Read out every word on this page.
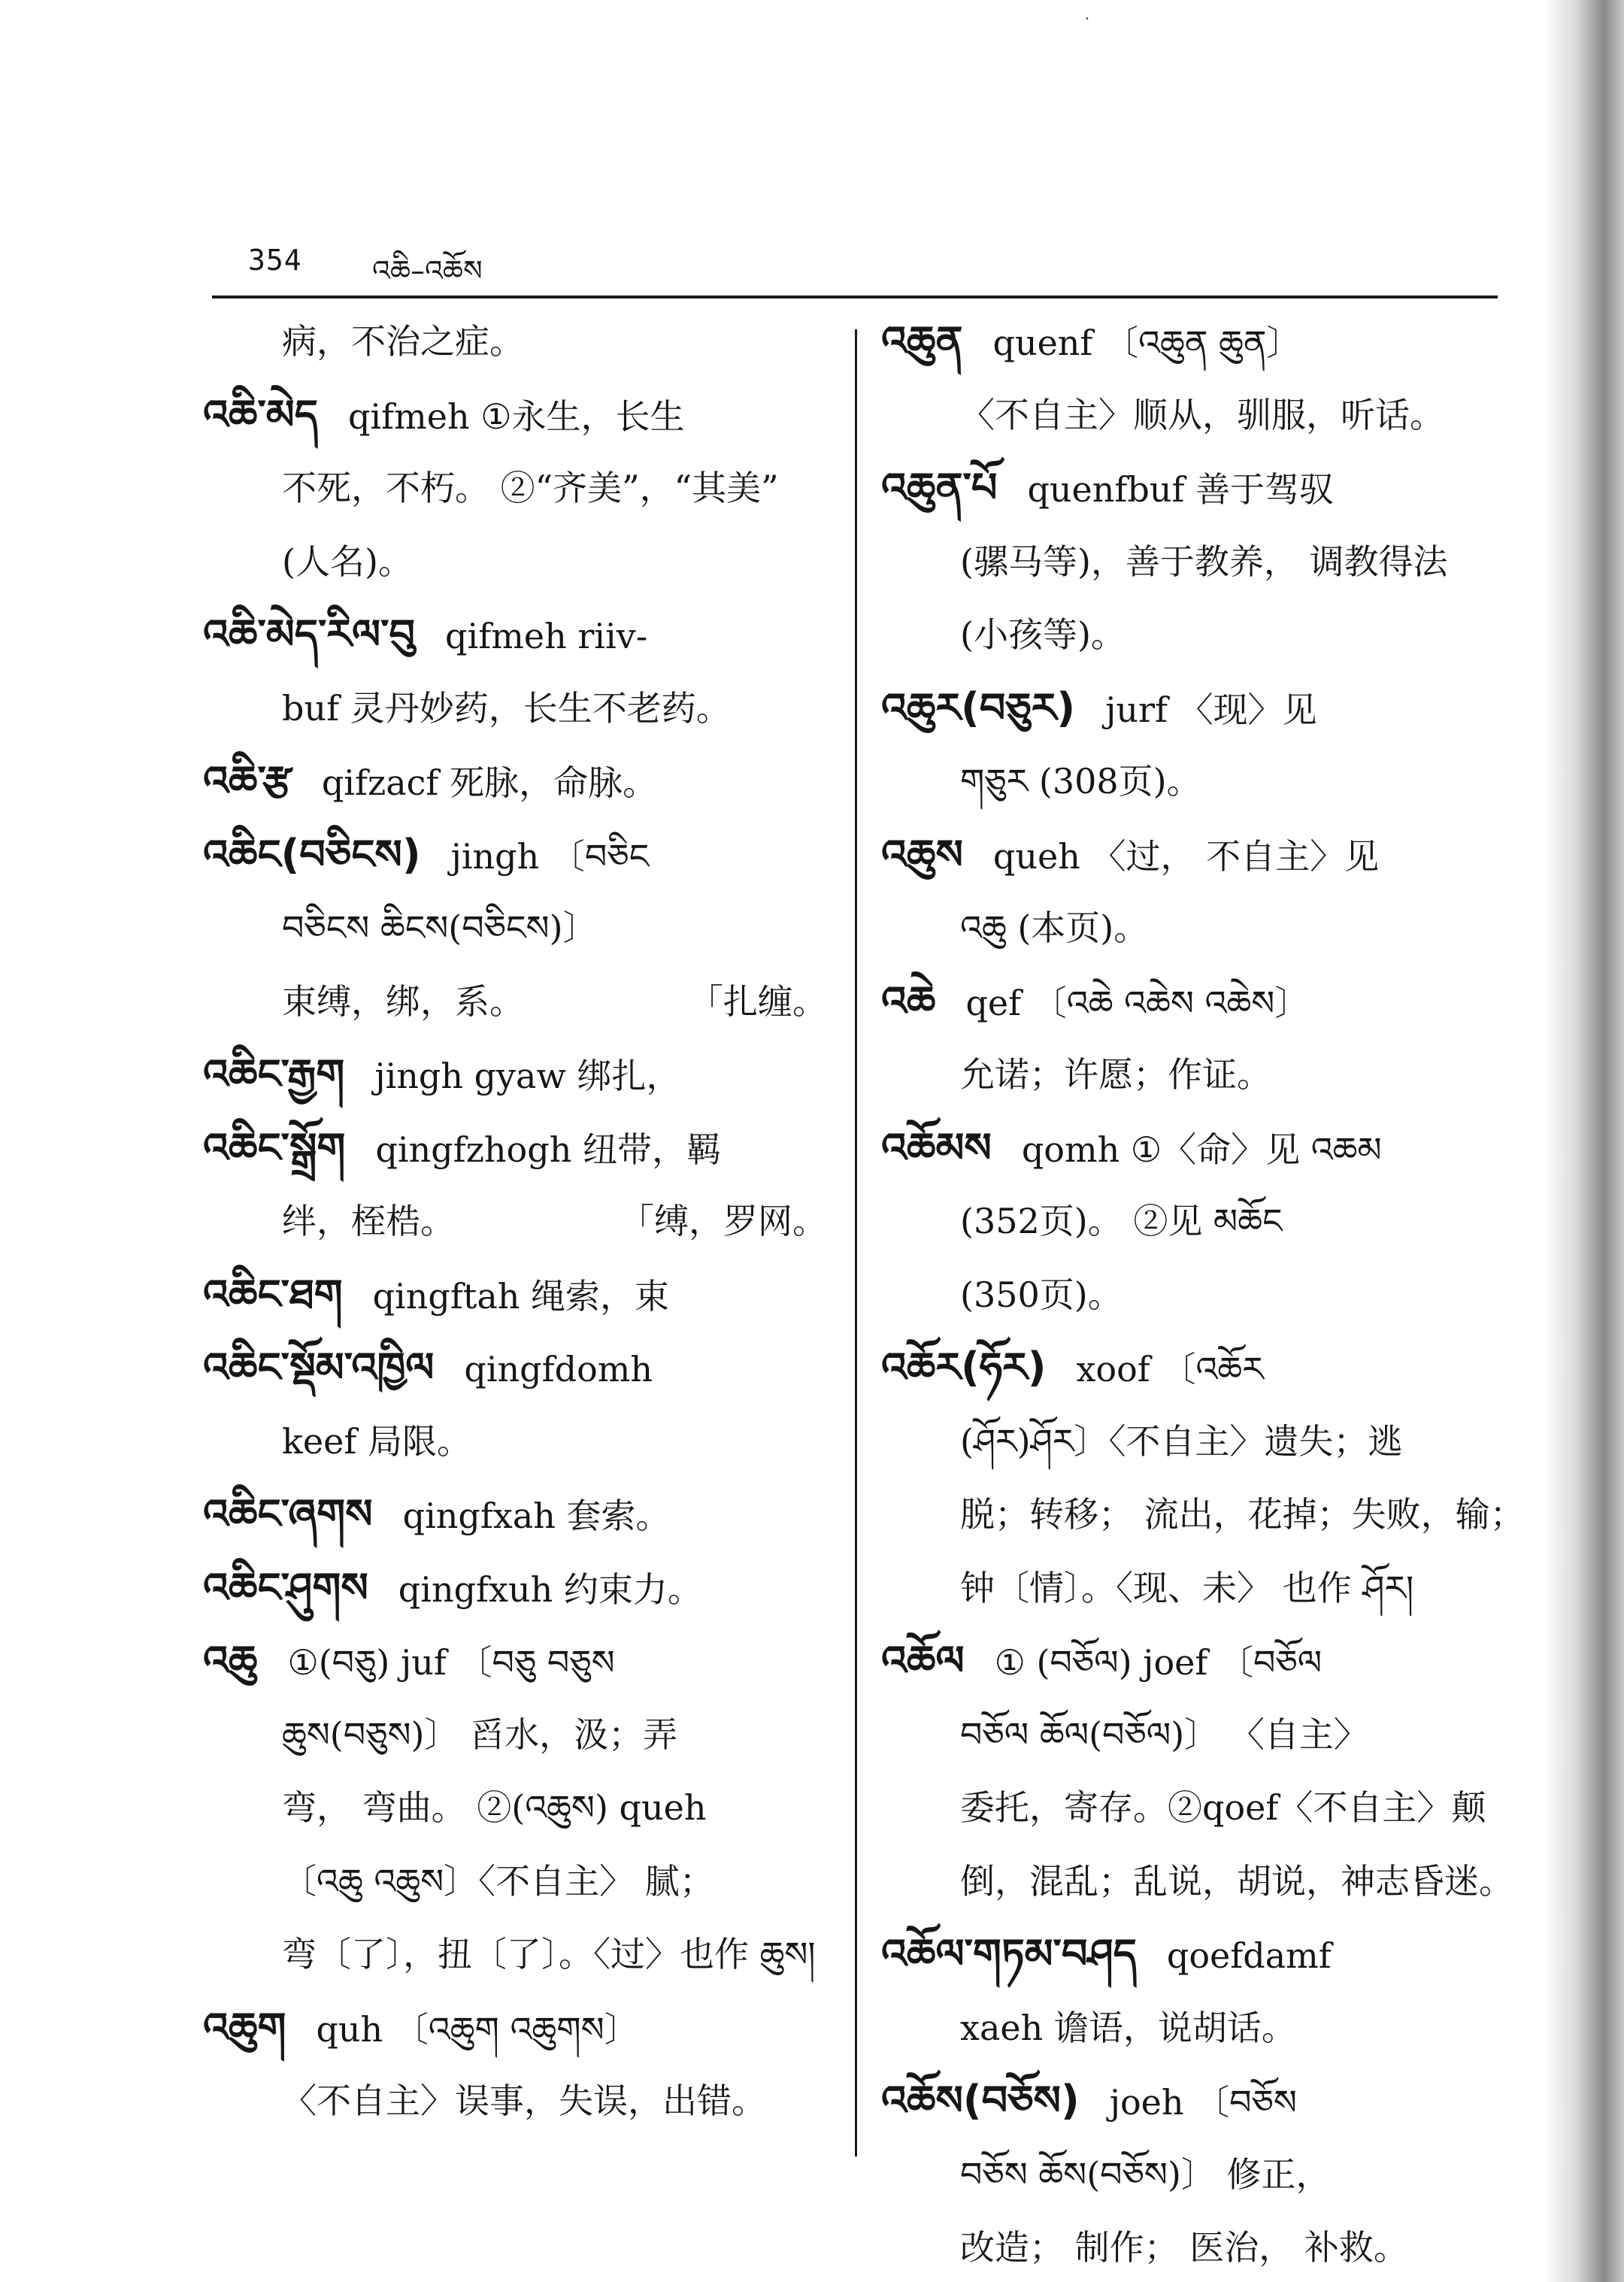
˙
354 འཆི–འཆོས
病，不治之症。
འཆི་མེད qifmeh ①永生，长生
不死，不朽。 ②“齐美”，“其美”
(人名)。
འཆི་མེད་རིལ་བུ qifmeh riiv-
buf 灵丹妙药，长生不老药。
འཆི་རྩ qifzacf 死脉，命脉。
འཆིང(བཅིངས) jingh 〔བཅིང
བཅིངས ཆིངས(བཅིངས)〕
束缚，绑，系。	「扎缠。
འཆིང་རྒྱག jingh gyaw 绑扎，
འཆིང་སྒྲོག qingfzhogh 纽带，羁
绊，桎梏。	「缚，罗网。
འཆིང་ཐག qingftah 绳索，束
འཆིང་སྡོམ་འཁྱིལ qingfdomh
keef 局限。
འཆིང་ཞགས qingfxah 套索。
འཆིང་ཤུགས qingfxuh 约束力。
འཆུ ①(བཅུ) juf 〔བཅུ བཅུས
ཆུས(བཅུས)〕 舀水，汲；弄
弯， 弯曲。 ②(འཆུས) queh
〔འཆུ འཆུས〕〈不自主〉 腻；
弯〔了〕，扭〔了〕。〈过〉也作 ཆུས།
འཆུག quh 〔འཆུག འཆུགས〕
〈不自主〉误事，失误，出错。
འཆུན quenf 〔འཆུན ཆུན〕
〈不自主〉顺从，驯服，听话。
འཆུན་པོ quenfbuf 善于驾驭
(骡马等)，善于教养， 调教得法
(小孩等)。
འཆུར(བཅུར) jurf 〈现〉见
གཅུར (308页)。
འཆུས queh 〈过， 不自主〉见
འཆུ (本页)。
འཆེ qef 〔འཆེ འཆེས འཆེས〕
允诺；许愿；作证。
འཆོམས qomh ①〈命〉见 འཆམ
(352页)。 ②见 མཆོང
(350页)。
འཆོར(ཧོར) xoof 〔འཆོར
(ཤོར)ཤོར〕〈不自主〉遗失；逃
脱；转移； 流出，花掉；失败，输；
钟〔情〕。〈现、未〉 也作 ཤོར།
འཆོལ ① (བཅོལ) joef 〔བཅོལ
བཅོལ ཆོལ(བཅོལ)〕 〈自主〉
委托，寄存。②qoef〈不自主〉颠
倒，混乱；乱说，胡说，神志昏迷。
འཆོལ་གཏམ་བཤད qoefdamf
xaeh 谵语，说胡话。
འཆོས(བཅོས) joeh 〔བཅོས
བཅོས ཆོས(བཅོས)〕 修正，
改造； 制作； 医治， 补救。
